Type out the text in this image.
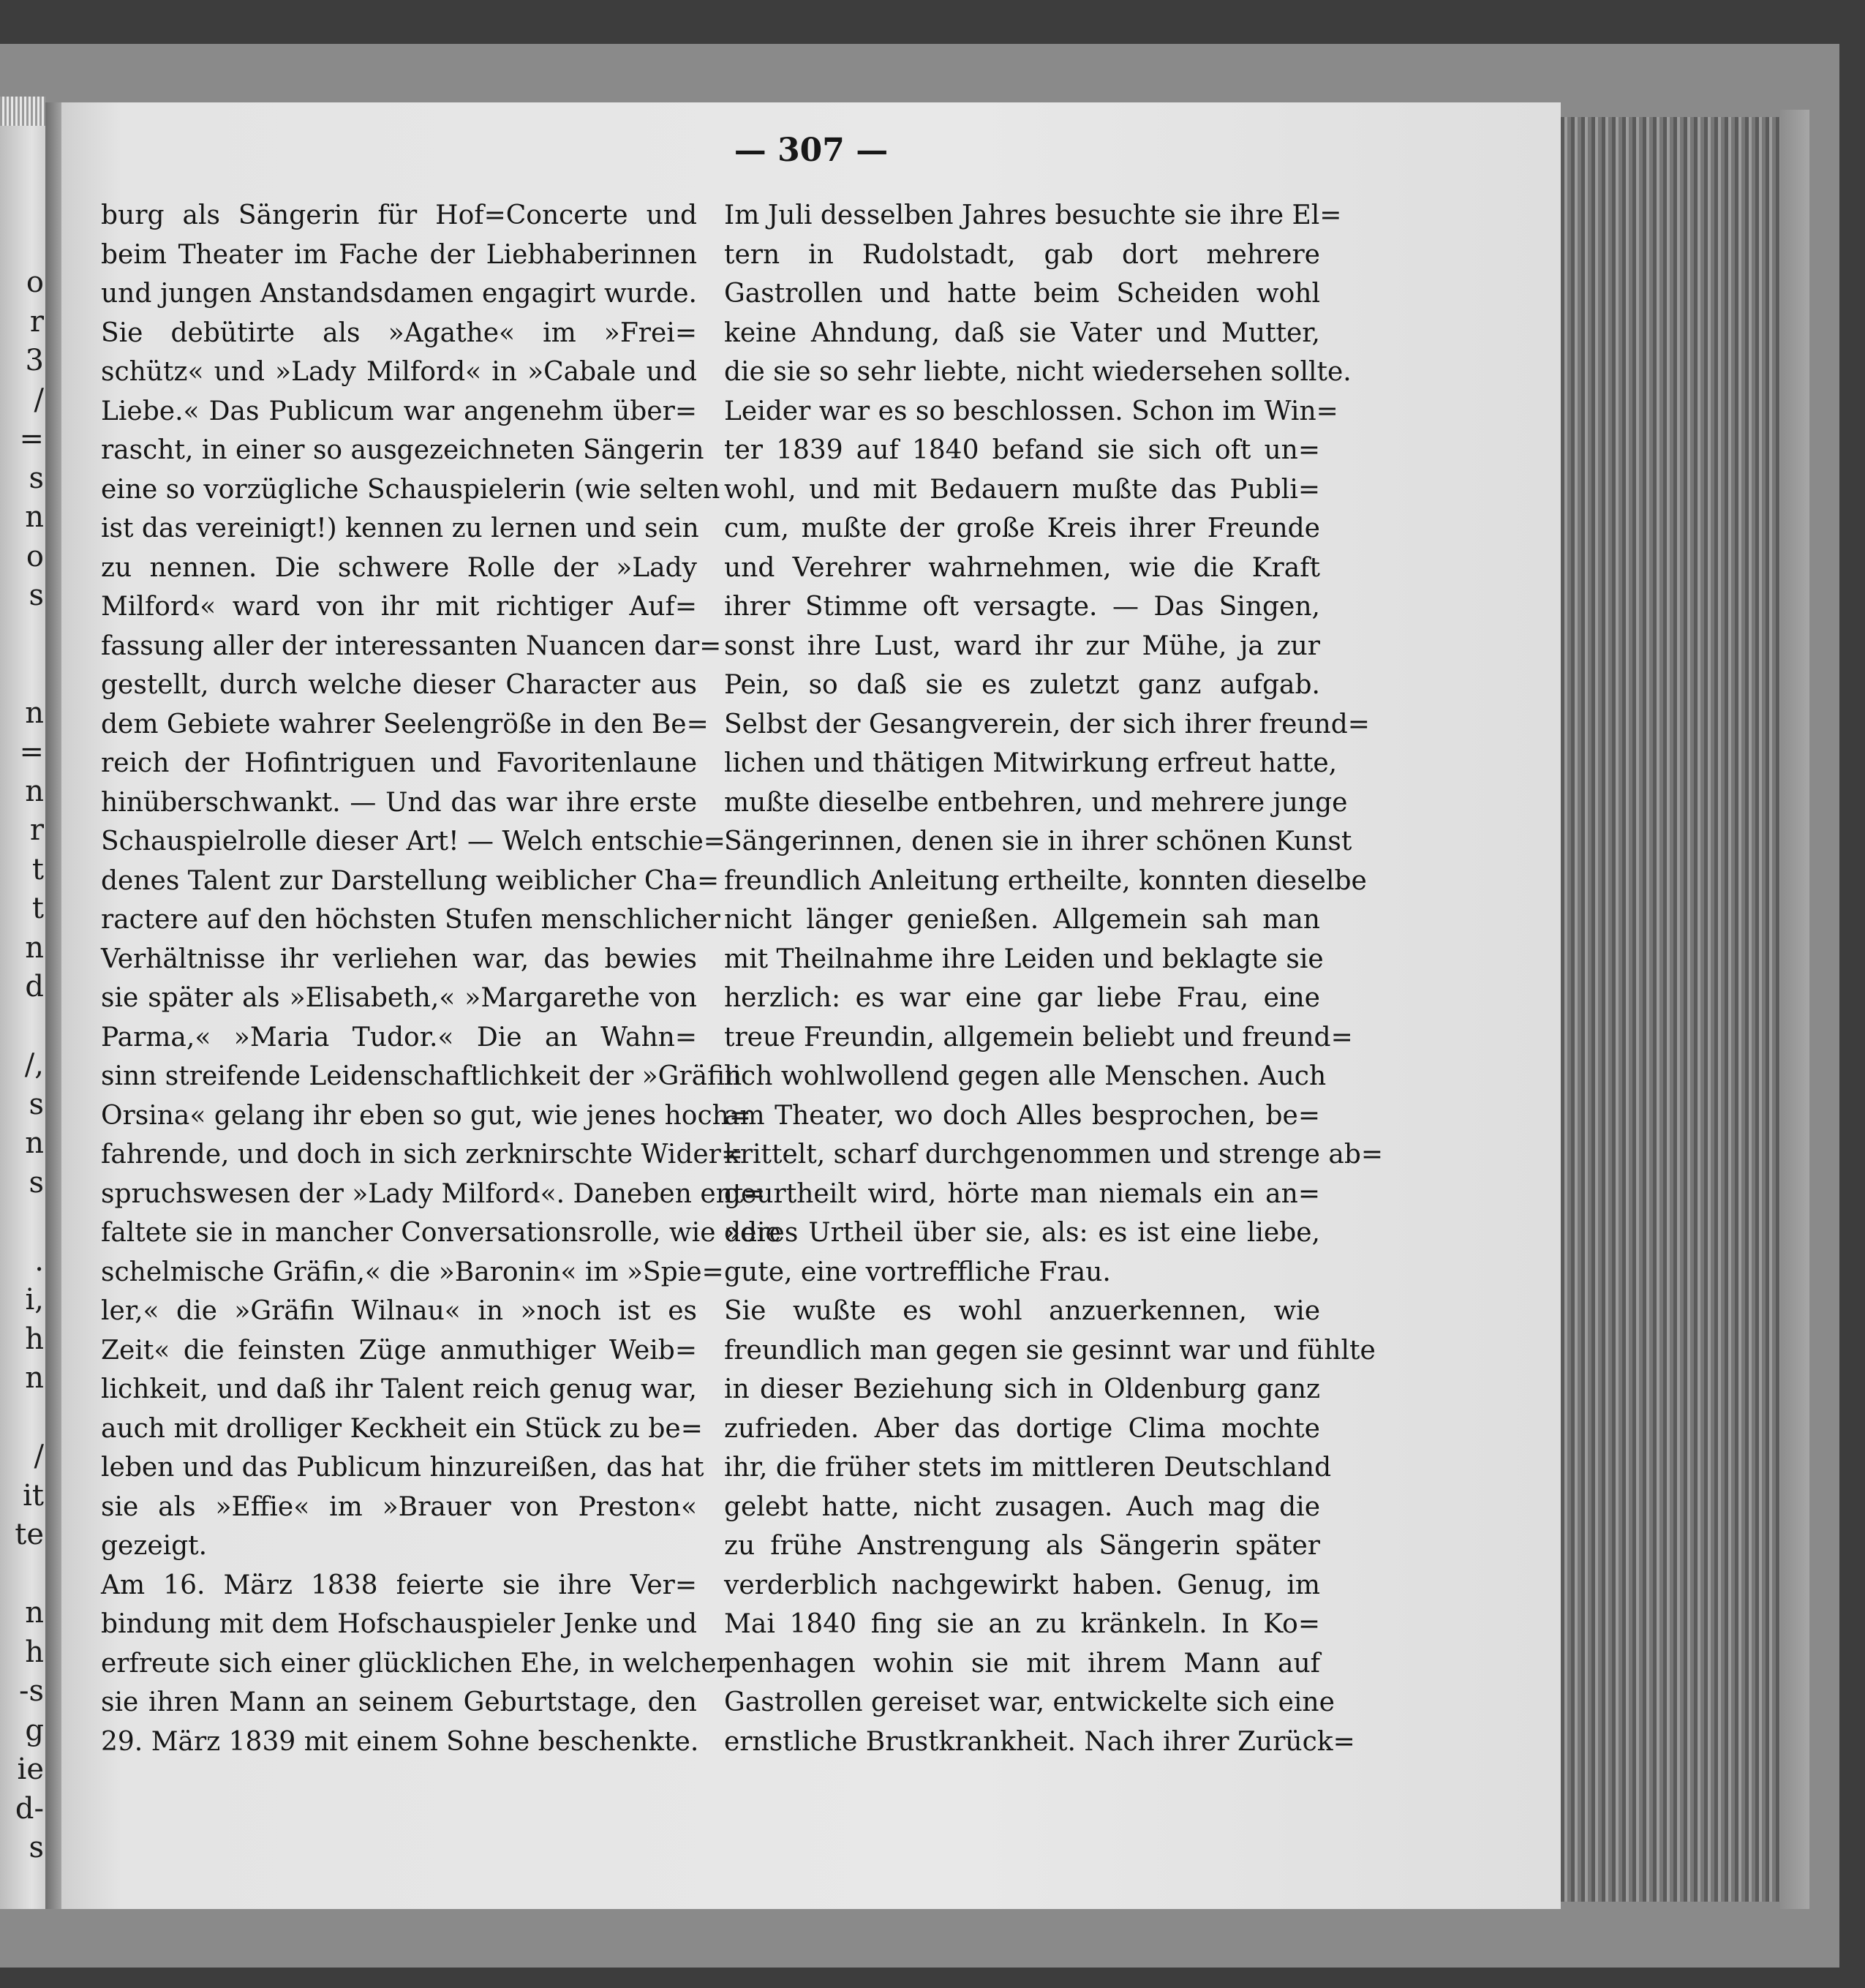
o
r
3
/
=
s
n
o
s
n
=
n
r
t
t
n
d
/,
s
n
s
.
i,
h
n
/
it
te
n
h
-s
g
ie
d-
s
— 307 —
burg als Sängerin für Hof=Concerte und
beim Theater im Fache der Liebhaberinnen
und jungen Anstandsdamen engagirt wurde.
Sie debütirte als »Agathe« im »Frei=
schütz« und »Lady Milford« in »Cabale und
Liebe.« Das Publicum war angenehm über=
rascht, in einer so ausgezeichneten Sängerin
eine so vorzügliche Schauspielerin (wie selten
ist das vereinigt!) kennen zu lernen und sein
zu nennen. Die schwere Rolle der »Lady
Milford« ward von ihr mit richtiger Auf=
fassung aller der interessanten Nuancen dar=
gestellt, durch welche dieser Character aus
dem Gebiete wahrer Seelengröße in den Be=
reich der Hofintriguen und Favoritenlaune
hinüberschwankt. — Und das war ihre erste
Schauspielrolle dieser Art! — Welch entschie=
denes Talent zur Darstellung weiblicher Cha=
ractere auf den höchsten Stufen menschlicher
Verhältnisse ihr verliehen war, das bewies
sie später als »Elisabeth,« »Margarethe von
Parma,« »Maria Tudor.« Die an Wahn=
sinn streifende Leidenschaftlichkeit der »Gräfin
Orsina« gelang ihr eben so gut, wie jenes hoch=
fahrende, und doch in sich zerknirschte Wider=
spruchswesen der »Lady Milford«. Daneben ent=
faltete sie in mancher Conversationsrolle, wie »die
schelmische Gräfin,« die »Baronin« im »Spie=
ler,« die »Gräfin Wilnau« in »noch ist es
Zeit« die feinsten Züge anmuthiger Weib=
lichkeit, und daß ihr Talent reich genug war,
auch mit drolliger Keckheit ein Stück zu be=
leben und das Publicum hinzureißen, das hat
sie als »Effie« im »Brauer von Preston«
gezeigt.
Am 16. März 1838 feierte sie ihre Ver=
bindung mit dem Hofschauspieler Jenke und
erfreute sich einer glücklichen Ehe, in welcher
sie ihren Mann an seinem Geburtstage, den
29. März 1839 mit einem Sohne beschenkte.
Im Juli desselben Jahres besuchte sie ihre El=
tern in Rudolstadt, gab dort mehrere
Gastrollen und hatte beim Scheiden wohl
keine Ahndung, daß sie Vater und Mutter,
die sie so sehr liebte, nicht wiedersehen sollte.
Leider war es so beschlossen. Schon im Win=
ter 1839 auf 1840 befand sie sich oft un=
wohl, und mit Bedauern mußte das Publi=
cum, mußte der große Kreis ihrer Freunde
und Verehrer wahrnehmen, wie die Kraft
ihrer Stimme oft versagte. — Das Singen,
sonst ihre Lust, ward ihr zur Mühe, ja zur
Pein, so daß sie es zuletzt ganz aufgab.
Selbst der Gesangverein, der sich ihrer freund=
lichen und thätigen Mitwirkung erfreut hatte,
mußte dieselbe entbehren, und mehrere junge
Sängerinnen, denen sie in ihrer schönen Kunst
freundlich Anleitung ertheilte, konnten dieselbe
nicht länger genießen. Allgemein sah man
mit Theilnahme ihre Leiden und beklagte sie
herzlich: es war eine gar liebe Frau, eine
treue Freundin, allgemein beliebt und freund=
lich wohlwollend gegen alle Menschen. Auch
am Theater, wo doch Alles besprochen, be=
krittelt, scharf durchgenommen und strenge ab=
geurtheilt wird, hörte man niemals ein an=
deres Urtheil über sie, als: es ist eine liebe,
gute, eine vortreffliche Frau.
Sie wußte es wohl anzuerkennen, wie
freundlich man gegen sie gesinnt war und fühlte
in dieser Beziehung sich in Oldenburg ganz
zufrieden. Aber das dortige Clima mochte
ihr, die früher stets im mittleren Deutschland
gelebt hatte, nicht zusagen. Auch mag die
zu frühe Anstrengung als Sängerin später
verderblich nachgewirkt haben. Genug, im
Mai 1840 fing sie an zu kränkeln. In Ko=
penhagen wohin sie mit ihrem Mann auf
Gastrollen gereiset war, entwickelte sich eine
ernstliche Brustkrankheit. Nach ihrer Zurück=
